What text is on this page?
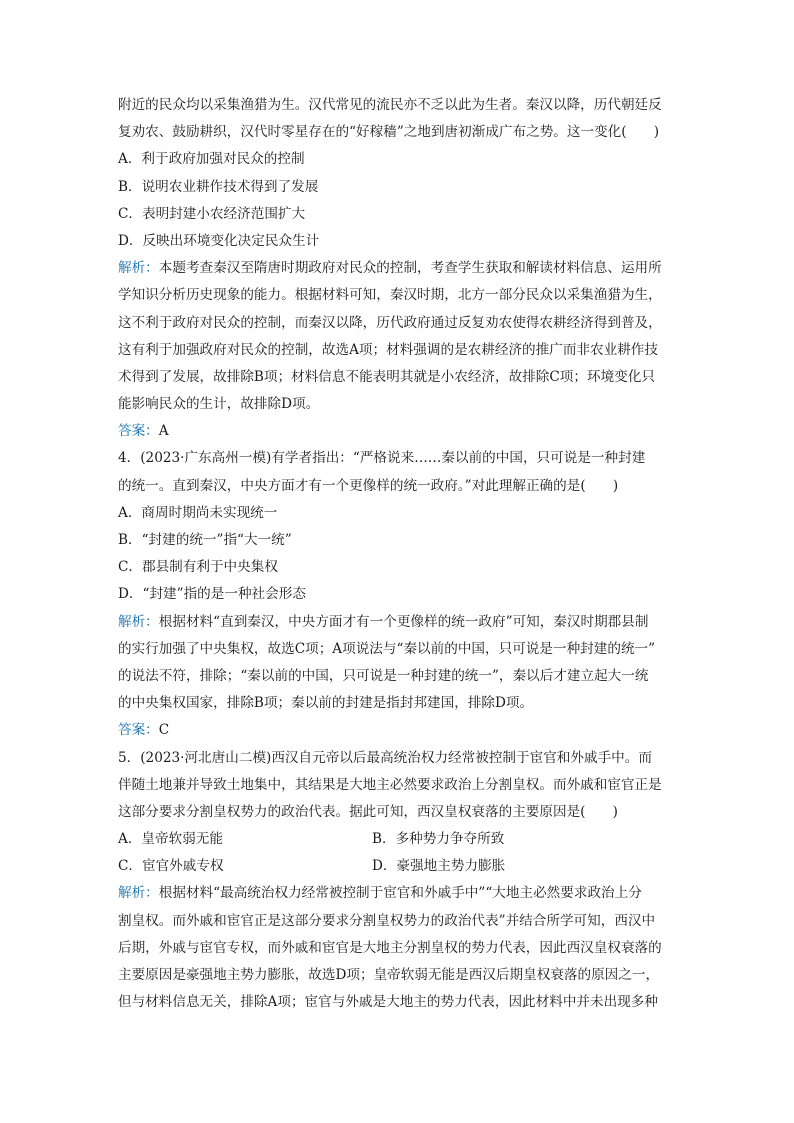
附近的民众均以采集渔猎为生。汉代常见的流民亦不乏以此为生者。秦汉以降，历代朝廷反
复劝农、鼓励耕织，汉代时零星存在的“好稼穑”之地到唐初渐成广布之势。这一变化(　　)
A．利于政府加强对民众的控制
B．说明农业耕作技术得到了发展
C．表明封建小农经济范围扩大
D．反映出环境变化决定民众生计
解析：本题考查秦汉至隋唐时期政府对民众的控制，考查学生获取和解读材料信息、运用所
学知识分析历史现象的能力。根据材料可知，秦汉时期，北方一部分民众以采集渔猎为生，
这不利于政府对民众的控制，而秦汉以降，历代政府通过反复劝农使得农耕经济得到普及，
这有利于加强政府对民众的控制，故选A项；材料强调的是农耕经济的推广而非农业耕作技
术得到了发展，故排除B项；材料信息不能表明其就是小农经济，故排除C项；环境变化只
能影响民众的生计，故排除D项。
答案：A
4．(2023·广东高州一模)有学者指出：“严格说来……秦以前的中国，只可说是一种封建
的统一。直到秦汉，中央方面才有一个更像样的统一政府。”对此理解正确的是(　　)
A．商周时期尚未实现统一
B．“封建的统一”指“大一统”
C．郡县制有利于中央集权
D．“封建”指的是一种社会形态
解析：根据材料“直到秦汉，中央方面才有一个更像样的统一政府”可知，秦汉时期郡县制
的实行加强了中央集权，故选C项；A项说法与“秦以前的中国，只可说是一种封建的统一”
的说法不符，排除；“秦以前的中国，只可说是一种封建的统一”，秦以后才建立起大一统
的中央集权国家，排除B项；秦以前的封建是指封邦建国，排除D项。
答案：C
5．(2023·河北唐山二模)西汉自元帝以后最高统治权力经常被控制于宦官和外戚手中。而
伴随土地兼并导致土地集中，其结果是大地主必然要求政治上分割皇权。而外戚和宦官正是
这部分要求分割皇权势力的政治代表。据此可知，西汉皇权衰落的主要原因是(　　)
A．皇帝软弱无能	B．多种势力争夺所致
C．宦官外戚专权	D．豪强地主势力膨胀
解析：根据材料“最高统治权力经常被控制于宦官和外戚手中”“大地主必然要求政治上分
割皇权。而外戚和宦官正是这部分要求分割皇权势力的政治代表”并结合所学可知，西汉中
后期，外戚与宦官专权，而外戚和宦官是大地主分割皇权的势力代表，因此西汉皇权衰落的
主要原因是豪强地主势力膨胀，故选D项；皇帝软弱无能是西汉后期皇权衰落的原因之一，
但与材料信息无关，排除A项；宦官与外戚是大地主的势力代表，因此材料中并未出现多种
